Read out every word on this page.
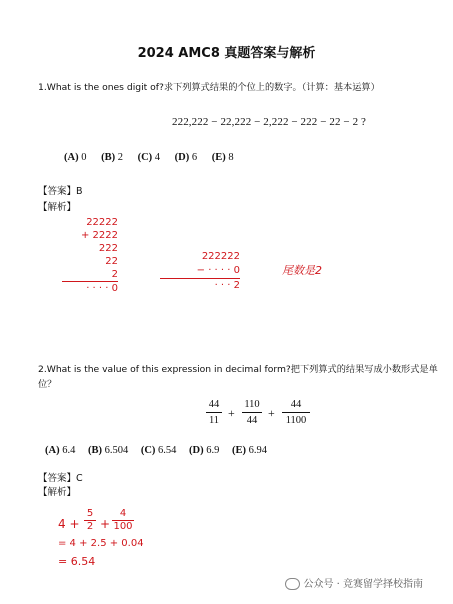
2024 AMC8 真题答案与解析
1.What is the ones digit of?求下列算式结果的个位上的数字。（计算：基本运算）
222,222 − 22,222 − 2,222 − 222 − 22 − 2 ?
(A) 0 (B) 2 (C) 4 (D) 6 (E) 8
【答案】B
【解析】
22222
+ 2222
222
22
2
· · · · 0
222222
− · · · · 0
· · · 2
尾数是2
2.What is the value of this expression in decimal form?把下列算式的结果写成小数形式是单
位？
44
11
+
110
44
+
44
1100
(A) 6.4 (B) 6.504 (C) 6.54 (D) 6.9 (E) 6.94
【答案】C
【解析】
4 +
5
2 +
4
100
= 4 + 2.5 + 0.04
= 6.54
公众号 · 竞赛留学择校指南
